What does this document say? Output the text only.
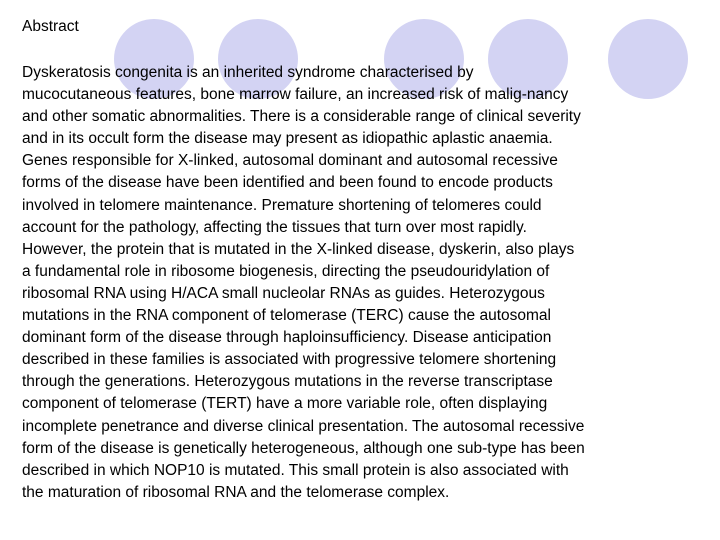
Abstract
Dyskeratosis congenita is an inherited syndrome characterised by
mucocutaneous features, bone marrow failure, an increased risk of malig-nancy
and other somatic abnormalities. There is a considerable range of clinical severity
and in its occult form the disease may present as idiopathic aplastic anaemia.
Genes responsible for X-linked, autosomal dominant and autosomal recessive
forms of the disease have been identified and been found to encode products
involved in telomere maintenance. Premature shortening of telomeres could
account for the pathology, affecting the tissues that turn over most rapidly.
However, the protein that is mutated in the X-linked disease, dyskerin, also plays
a fundamental role in ribosome biogenesis, directing the pseudouridylation of
ribosomal RNA using H/ACA small nucleolar RNAs as guides. Heterozygous
mutations in the RNA component of telomerase (TERC) cause the autosomal
dominant form of the disease through haploinsufficiency. Disease anticipation
described in these families is associated with progressive telomere shortening
through the generations. Heterozygous mutations in the reverse transcriptase
component of telomerase (TERT) have a more variable role, often displaying
incomplete penetrance and diverse clinical presentation. The autosomal recessive
form of the disease is genetically heterogeneous, although one sub-type has been
described in which NOP10 is mutated. This small protein is also associated with
the maturation of ribosomal RNA and the telomerase complex.
